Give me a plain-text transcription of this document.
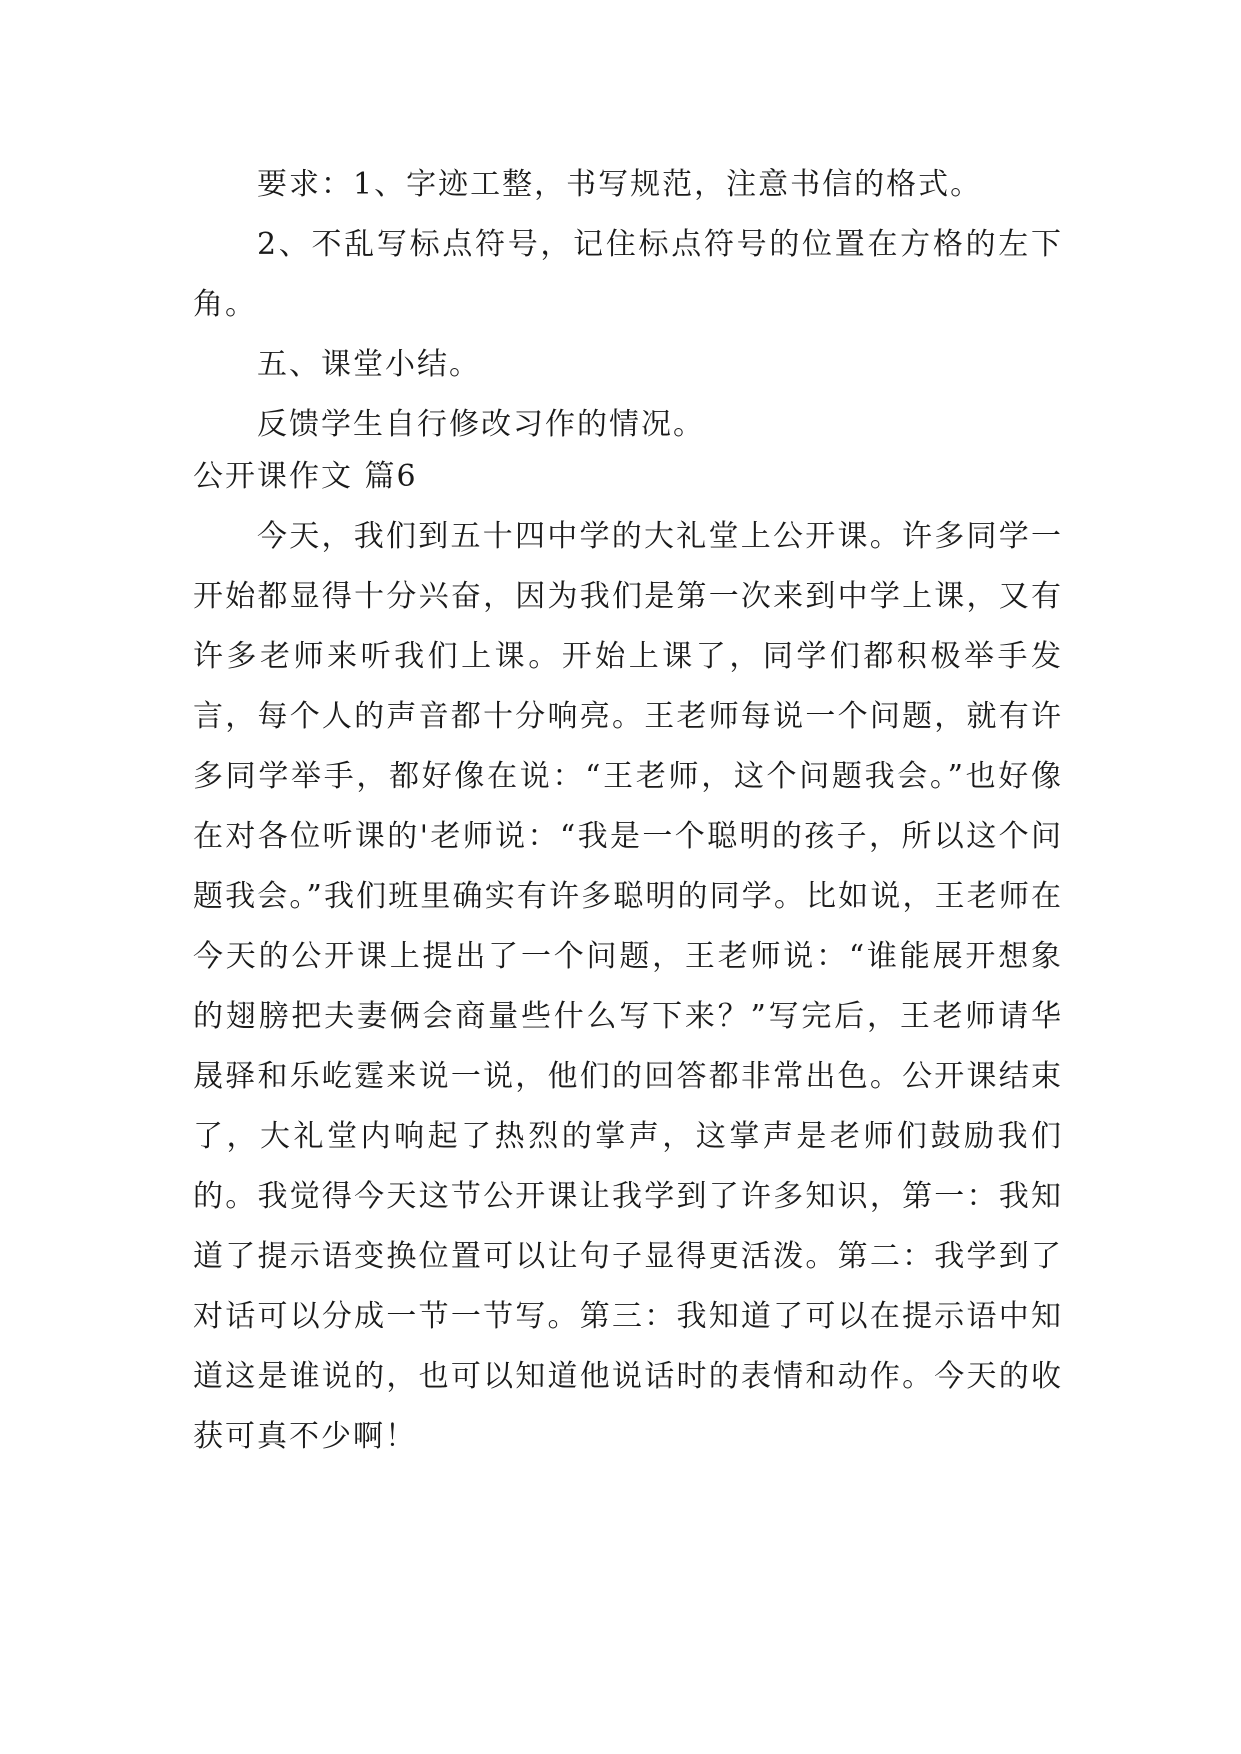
要求：1、字迹工整，书写规范，注意书信的格式。

2、不乱写标点符号，记住标点符号的位置在方格的左下角。

五、课堂小结。

反馈学生自行修改习作的情况。

公开课作文 篇6

今天，我们到五十四中学的大礼堂上公开课。许多同学一开始都显得十分兴奋，因为我们是第一次来到中学上课，又有许多老师来听我们上课。开始上课了，同学们都积极举手发言，每个人的声音都十分响亮。王老师每说一个问题，就有许多同学举手，都好像在说：“王老师，这个问题我会。”也好像在对各位听课的'老师说：“我是一个聪明的孩子，所以这个问题我会。”我们班里确实有许多聪明的同学。比如说，王老师在今天的公开课上提出了一个问题，王老师说：“谁能展开想象的翅膀把夫妻俩会商量些什么写下来？”写完后，王老师请华晟驿和乐屹霆来说一说，他们的回答都非常出色。公开课结束了，大礼堂内响起了热烈的掌声，这掌声是老师们鼓励我们的。我觉得今天这节公开课让我学到了许多知识，第一：我知道了提示语变换位置可以让句子显得更活泼。第二：我学到了对话可以分成一节一节写。第三：我知道了可以在提示语中知道这是谁说的，也可以知道他说话时的表情和动作。今天的收获可真不少啊！
